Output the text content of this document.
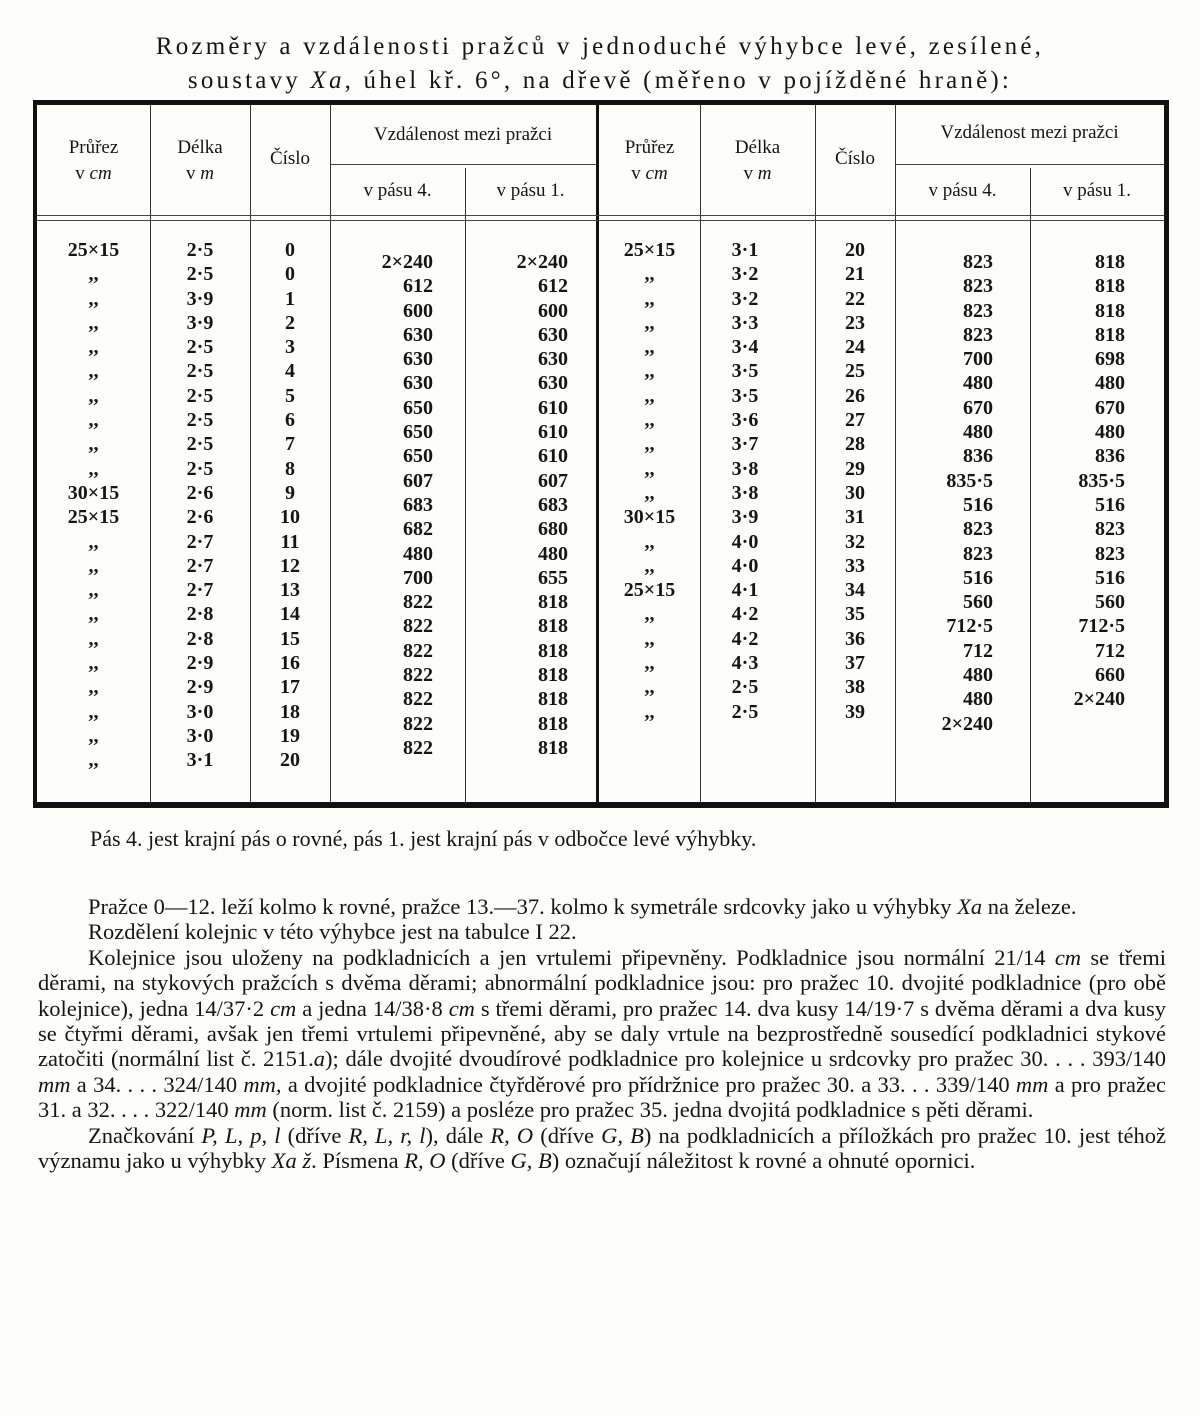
Rozměry a vzdálenosti pražců v jednoduché výhybce levé, zesílené,
soustavy Xa, úhel kř. 6°, na dřevě (měřeno v pojížděné hraně):
Průřez
v cm
Délka
v m
Číslo
Vzdálenost mezi pražci
v pásu 4.	v pásu 1.
Průřez
v cm
Délka
v m
Číslo
Vzdálenost mezi pražci
v pásu 4.	v pásu 1.
25×15
,,
,,
,,
,,
,,
,,
,,
,,
,,
30×15
25×15
,,
,,
,,
,,
,,
,,
,,
,,
,,
,,
2·5
2·5
3·9
3·9
2·5
2·5
2·5
2·5
2·5
2·5
2·6
2·6
2·7
2·7
2·7
2·8
2·8
2·9
2·9
3·0
3·0
3·1
0
0
1
2
3
4
5
6
7
8
9
10
11
12
13
14
15
16
17
18
19
20
2×240
612
600
630
630
630
650
650
650
607
683
682
480
700
822
822
822
822
822
822
822
2×240
612
600
630
630
630
610
610
610
607
683
680
480
655
818
818
818
818
818
818
818
25×15
,,
,,
,,
,,
,,
,,
,,
,,
,,
,,
30×15
,,
,,
25×15
,,
,,
,,
,,
,,
3·1
3·2
3·2
3·3
3·4
3·5
3·5
3·6
3·7
3·8
3·8
3·9
4·0
4·0
4·1
4·2
4·2
4·3
2·5
2·5
20
21
22
23
24
25
26
27
28
29
30
31
32
33
34
35
36
37
38
39
823
823
823
823
700
480
670
480
836
835·5
516
823
823
516
560
712·5
712
480
480
2×240
818
818
818
818
698
480
670
480
836
835·5
516
823
823
516
560
712·5
712
660
2×240
Pás 4. jest krajní pás o rovné, pás 1. jest krajní pás v odbočce levé výhybky.

Pražce 0—12. leží kolmo k rovné, pražce 13.—37. kolmo k symetrále srdcovky jako u výhybky Xa na železe.

Rozdělení kolejnic v této výhybce jest na tabulce I 22.

Kolejnice jsou uloženy na podkladnicích a jen vrtulemi připevněny. Podkladnice jsou normální 21/14 cm se třemi děrami, na stykových pražcích s dvěma děrami; abnormální podkladnice jsou: pro pražec 10. dvojité podkladnice (pro obě kolejnice), jedna 14/37·2 cm a jedna 14/38·8 cm s třemi děrami, pro pražec 14. dva kusy 14/19·7 s dvěma děrami a dva kusy se čtyřmi děrami, avšak jen třemi vrtulemi připevněné, aby se daly vrtule na bezprostředně sousedící podkladnici stykové zatočiti (normální list č. 2151.a); dále dvojité dvoudírové podkladnice pro kolejnice u srdcovky pro pražec 30. . . . 393/140 mm a 34. . . . 324/140 mm, a dvojité podkladnice čtyřděrové pro přídržnice pro pražec 30. a 33. . . 339/140 mm a pro pražec 31. a 32. . . . 322/140 mm (norm. list č. 2159) a posléze pro pražec 35. jedna dvojitá podkladnice s pěti děrami.

Značkování P, L, p, l (dříve R, L, r, l), dále R, O (dříve G, B) na podkladnicích a příložkách pro pražec 10. jest téhož významu jako u výhybky Xa ž. Písmena R, O (dříve G, B) označují náležitost k rovné a ohnuté opornici.
